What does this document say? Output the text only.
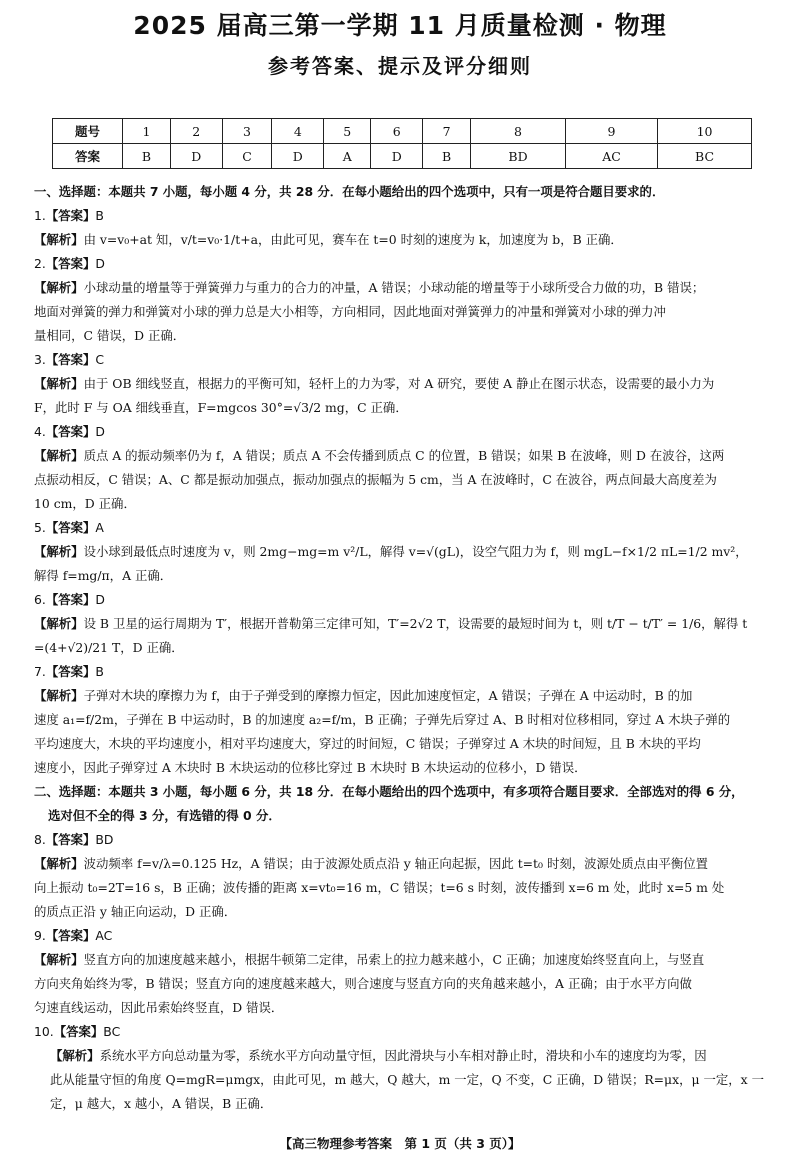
2025 届高三第一学期 11 月质量检测 · 物理
参考答案、提示及评分细则
题号	1	2	3	4	5	6	7	8	9	10
答案	B	D	C	D	A	D	B	BD	AC	BC
一、选择题：本题共 7 小题，每小题 4 分，共 28 分．在每小题给出的四个选项中，只有一项是符合题目要求的．
1.【答案】B
【解析】由 v=v₀+at 知，v/t=v₀·1/t+a，由此可见，赛车在 t=0 时刻的速度为 k，加速度为 b，B 正确．
2.【答案】D
【解析】小球动量的增量等于弹簧弹力与重力的合力的冲量，A 错误；小球动能的增量等于小球所受合力做的功，B 错误；
地面对弹簧的弹力和弹簧对小球的弹力总是大小相等，方向相同，因此地面对弹簧弹力的冲量和弹簧对小球的弹力冲
量相同，C 错误，D 正确．
3.【答案】C
【解析】由于 OB 细线竖直，根据力的平衡可知，轻杆上的力为零，对 A 研究，要使 A 静止在图示状态，设需要的最小力为
F，此时 F 与 OA 细线垂直，F=mgcos 30°=√3/2 mg，C 正确．
4.【答案】D
【解析】质点 A 的振动频率仍为 f，A 错误；质点 A 不会传播到质点 C 的位置，B 错误；如果 B 在波峰，则 D 在波谷，这两
点振动相反，C 错误；A、C 都是振动加强点，振动加强点的振幅为 5 cm，当 A 在波峰时，C 在波谷，两点间最大高度差为
10 cm，D 正确．
5.【答案】A
【解析】设小球到最低点时速度为 v，则 2mg−mg=m v²/L，解得 v=√(gL)，设空气阻力为 f，则 mgL−f×1/2 πL=1/2 mv²，
解得 f=mg/π，A 正确．
6.【答案】D
【解析】设 B 卫星的运行周期为 T′，根据开普勒第三定律可知，T′=2√2 T，设需要的最短时间为 t，则 t/T − t/T′ = 1/6，解得 t
=(4+√2)/21 T，D 正确．
7.【答案】B
【解析】子弹对木块的摩擦力为 f，由于子弹受到的摩擦力恒定，因此加速度恒定，A 错误；子弹在 A 中运动时，B 的加
速度 a₁=f/2m，子弹在 B 中运动时，B 的加速度 a₂=f/m，B 正确；子弹先后穿过 A、B 时相对位移相同，穿过 A 木块子弹的
平均速度大，木块的平均速度小，相对平均速度大，穿过的时间短，C 错误；子弹穿过 A 木块的时间短，且 B 木块的平均
速度小，因此子弹穿过 A 木块时 B 木块运动的位移比穿过 B 木块时 B 木块运动的位移小，D 错误．
二、选择题：本题共 3 小题，每小题 6 分，共 18 分．在每小题给出的四个选项中，有多项符合题目要求．全部选对的得 6 分，
选对但不全的得 3 分，有选错的得 0 分．
8.【答案】BD
【解析】波动频率 f=v/λ=0.125 Hz，A 错误；由于波源处质点沿 y 轴正向起振，因此 t=t₀ 时刻，波源处质点由平衡位置
向上振动 t₀=2T=16 s，B 正确；波传播的距离 x=vt₀=16 m，C 错误；t=6 s 时刻，波传播到 x=6 m 处，此时 x=5 m 处
的质点正沿 y 轴正向运动，D 正确．
9.【答案】AC
【解析】竖直方向的加速度越来越小，根据牛顿第二定律，吊索上的拉力越来越小，C 正确；加速度始终竖直向上，与竖直
方向夹角始终为零，B 错误；竖直方向的速度越来越大，则合速度与竖直方向的夹角越来越小，A 正确；由于水平方向做
匀速直线运动，因此吊索始终竖直，D 错误．
10.【答案】BC
【解析】系统水平方向总动量为零，系统水平方向动量守恒，因此滑块与小车相对静止时，滑块和小车的速度均为零，因
此从能量守恒的角度 Q=mgR=μmgx，由此可见，m 越大，Q 越大，m 一定，Q 不变，C 正确，D 错误；R=μx，μ 一定，x 一
定，μ 越大，x 越小，A 错误，B 正确．
【高三物理参考答案　第 1 页（共 3 页）】
